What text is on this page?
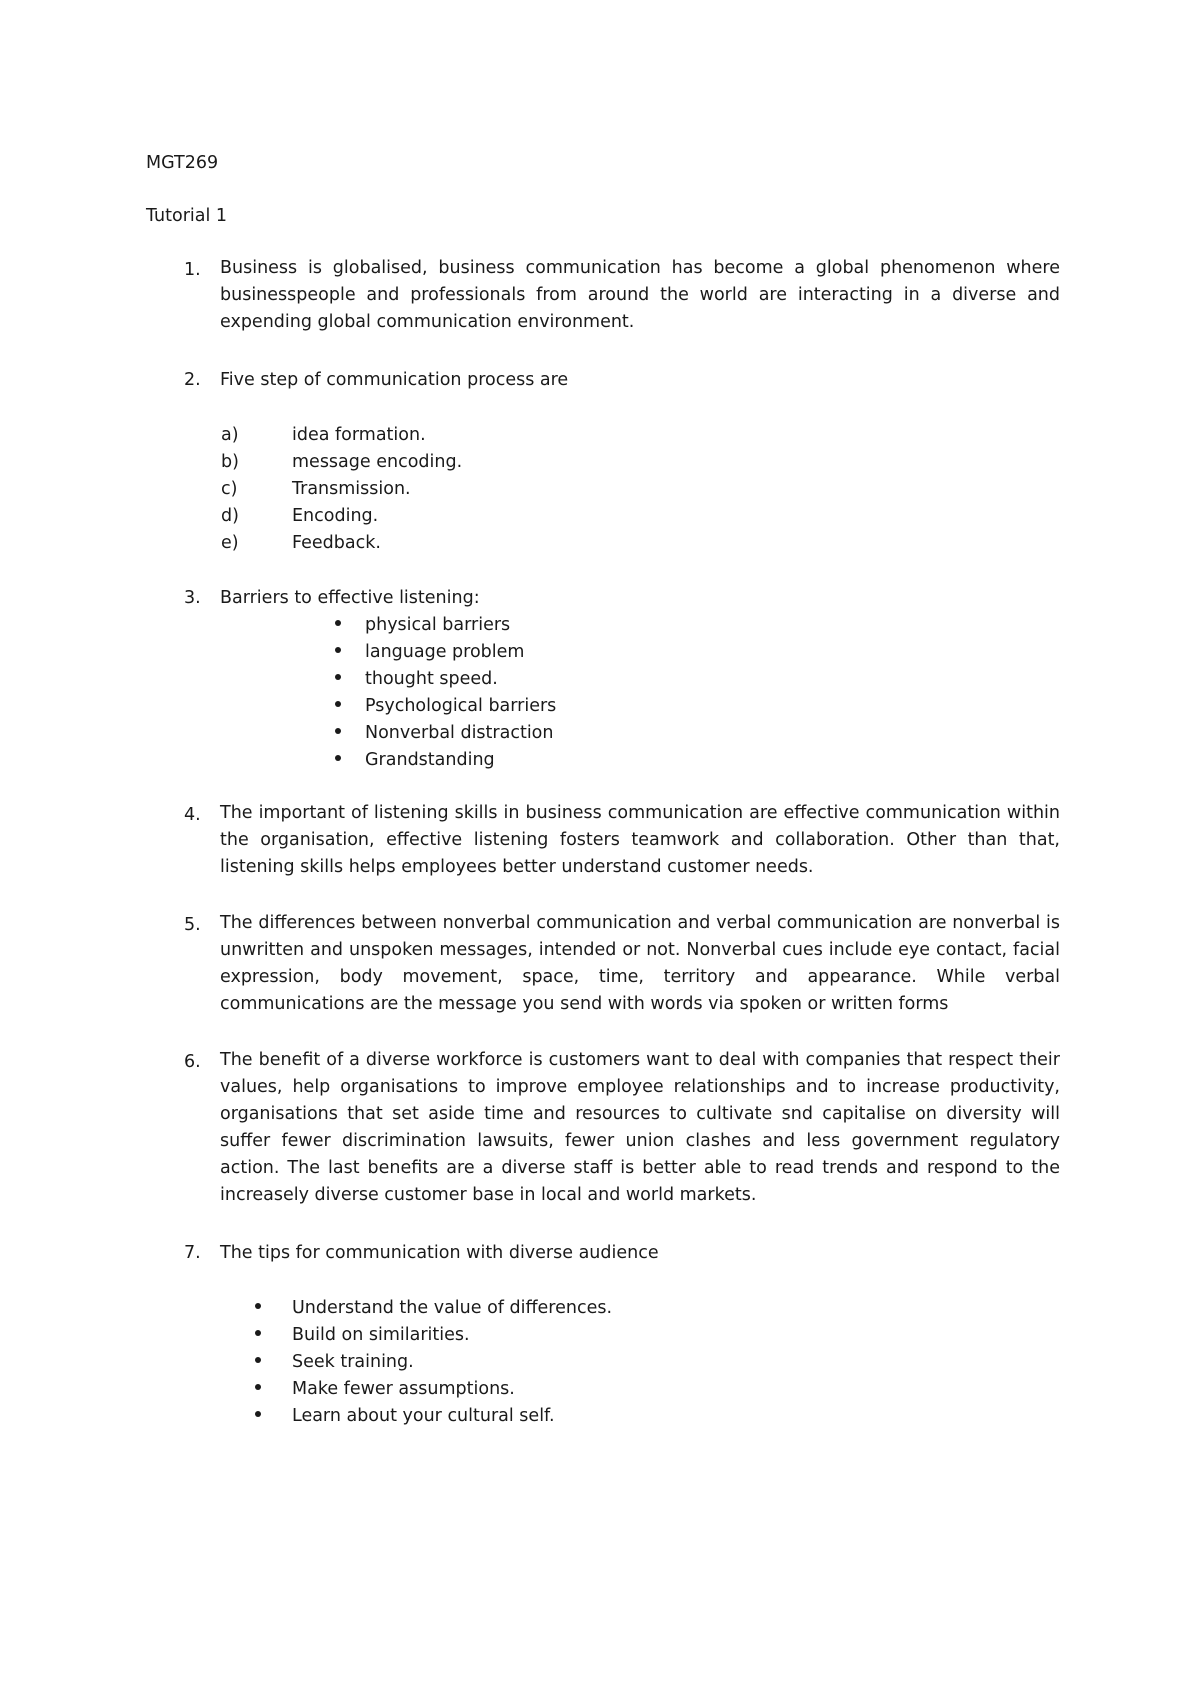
MGT269
Tutorial 1
1. Business is globalised, business communication has become a global phenomenon where businesspeople and professionals from around the world are interacting in a diverse and expending global communication environment.

2. Five step of communication process are
a)	idea formation.
b)	message encoding.
c)	Transmission.
d)	Encoding.
e)	Feedback.
3. Barriers to effective listening:
physical barriers
language problem
thought speed.
Psychological barriers
Nonverbal distraction
Grandstanding
4. The important of listening skills in business communication are effective communication within the organisation, effective listening fosters teamwork and collaboration. Other than that, listening skills helps employees better understand customer needs.

5. The differences between nonverbal communication and verbal communication are nonverbal is unwritten and unspoken messages, intended or not. Nonverbal cues include eye contact, facial expression, body movement, space, time, territory and appearance. While verbal communications are the message you send with words via spoken or written forms

6. The benefit of a diverse workforce is customers want to deal with companies that respect their values, help organisations to improve employee relationships and to increase productivity, organisations that set aside time and resources to cultivate snd capitalise on diversity will suffer fewer discrimination lawsuits, fewer union clashes and less government regulatory action. The last benefits are a diverse staff is better able to read trends and respond to the increasely diverse customer base in local and world markets.

7. The tips for communication with diverse audience
Understand the value of differences.
Build on similarities.
Seek training.
Make fewer assumptions.
Learn about your cultural self.
